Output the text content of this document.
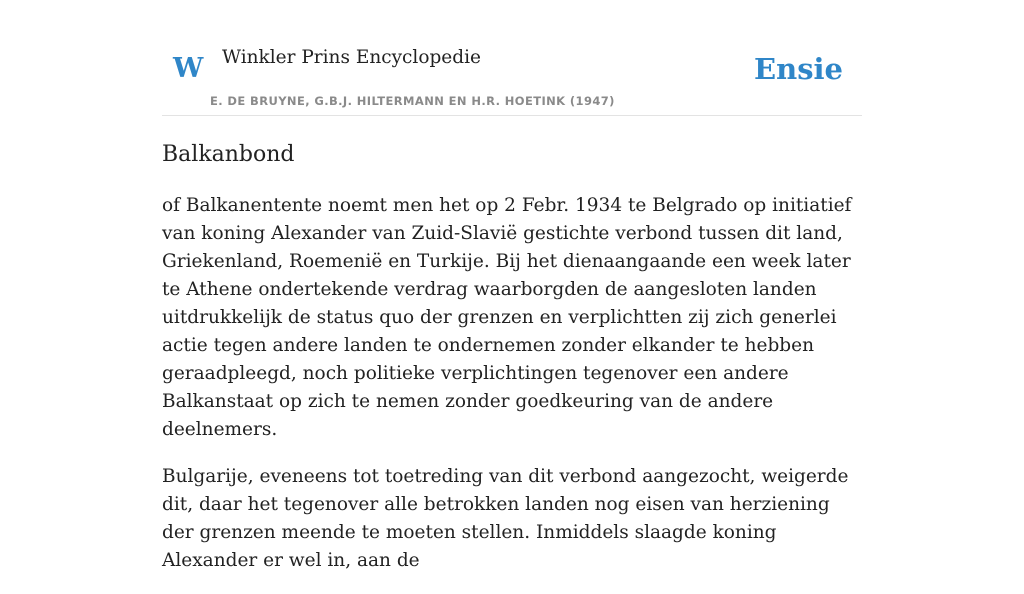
W Winkler Prins Encyclopedie
E. DE BRUYNE, G.B.J. HILTERMANN EN H.R. HOETINK (1947)
Ensie
Balkanbond

of Balkanentente noemt men het op 2 Febr. 1934 te Belgrado op initiatief van koning Alexander van Zuid-Slavië gestichte verbond tussen dit land, Griekenland, Roemenië en Turkije. Bij het dienaangaande een week later te Athene ondertekende verdrag waarborgden de aangesloten landen uitdrukkelijk de status quo der grenzen en verplichtten zij zich generlei actie tegen andere landen te ondernemen zonder elkander te hebben geraadpleegd, noch politieke verplichtingen tegenover een andere Balkanstaat op zich te nemen zonder goedkeuring van de andere deelnemers.

Bulgarije, eveneens tot toetreding van dit verbond aangezocht, weigerde dit, daar het tegenover alle betrokken landen nog eisen van herziening der grenzen meende te moeten stellen. Inmiddels slaagde koning Alexander er wel in, aan de
